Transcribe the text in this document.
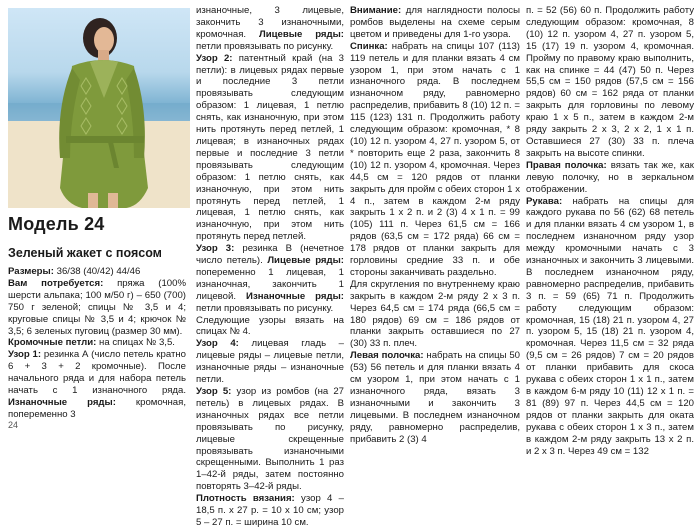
Модель 24
Зеленый жакет с поясом

Размеры: 36/38 (40/42) 44/46

Вам потребуется: пряжа (100% шерсти альпака; 100 м/50 г) – 650 (700) 750 г зеленой; спицы № 3,5 и 4; круговые спицы № 3,5 и 4; крючок № 3,5; 6 зеленых пуговиц (размер 30 мм).

Кромочные петли: на спицах № 3,5.

Узор 1: резинка А (число петель кратно 6 + 3 + 2 кромочные). После начального ряда и для набора петель начать с 1 изнаночного ряда. Изнаночные ряды: кромочная, попеременно 3

изнаночные, 3 лицевые, закончить 3 изнаночными, кромочная. Лицевые ряды: петли провязывать по рисунку.

Узор 2: патентный край (на 3 петли): в лицевых рядах первые и последние 3 петли провязывать следующим образом: 1 лицевая, 1 петлю снять, как изнаночную, при этом нить протянуть перед петлей, 1 лицевая; в изнаночных рядах первые и последние 3 петли провязывать следующим образом: 1 петлю снять, как изнаночную, при этом нить протянуть перед петлей, 1 лицевая, 1 петлю снять, как изнаночную, при этом нить протянуть перед петлей.

Узор 3: резинка В (нечетное число петель). Лицевые ряды: попеременно 1 лицевая, 1 изнаночная, закончить 1 лицевой. Изнаночные ряды: петли провязывать по рисунку.

Следующие узоры вязать на спицах № 4.

Узор 4: лицевая гладь – лицевые ряды – лицевые петли, изнаночные ряды – изнаночные петли.

Узор 5: узор из ромбов (на 27 петель) в лицевых рядах. В изнаночных рядах все петли провязывать по рисунку, лицевые скрещенные провязывать изнаночными скрещенными. Выполнить 1 раз 1–42-й ряды, затем постоянно повторять 3–42-й ряды.

Плотность вязания: узор 4 – 18,5 п. x 27 р. = 10 x 10 см; узор 5 – 27 п. = ширина 10 см.

Внимание: для наглядности полосы ромбов выделены на схеме серым цветом и приведены для 1-го узора.

Спинка: набрать на спицы 107 (113) 119 петель и для планки вязать 4 см узором 1, при этом начать с 1 изнаночного ряда. В последнем изнаночном ряду, равномерно распределив, прибавить 8 (10) 12 п. = 115 (123) 131 п. Продолжить работу следующим образом: кромочная, * 8 (10) 12 п. узором 4, 27 п. узором 5, от * повторить еще 2 раза, закончить 8 (10) 12 п. узором 4, кромочная. Через 44,5 см = 120 рядов от планки закрыть для пройм с обеих сторон 1 x 4 п., затем в каждом 2-м ряду закрыть 1 x 2 п. и 2 (3) 4 x 1 п. = 99 (105) 111 п. Через 61,5 см = 166 рядов (63,5 см = 172 ряда) 66 см = 178 рядов от планки закрыть для горловины средние 33 п. и обе стороны заканчивать раздельно.

Для скругления по внутреннему краю закрыть в каждом 2-м ряду 2 x 3 п. Через 64,5 см = 174 ряда (66,5 см = 180 рядов) 69 см = 186 рядов от планки закрыть оставшиеся по 27 (30) 33 п. плеч.

Левая полочка: набрать на спицы 50 (53) 56 петель и для планки вязать 4 см узором 1, при этом начать с 1 изнаночного ряда, вязать 3 изнаночными и закончить 3 лицевыми. В последнем изнаночном ряду, равномерно распределив, прибавить 2 (3) 4

п. = 52 (56) 60 п. Продолжить работу следующим образом: кромочная, 8 (10) 12 п. узором 4, 27 п. узором 5, 15 (17) 19 п. узором 4, кромочная. Пройму по правому краю выполнить, как на спинке = 44 (47) 50 п. Через 55,5 см = 150 рядов (57,5 см = 156 рядов) 60 см = 162 ряда от планки закрыть для горловины по левому краю 1 x 5 п., затем в каждом 2-м ряду закрыть 2 x 3, 2 x 2, 1 x 1 п. Оставшиеся 27 (30) 33 п. плеча закрыть на высоте спинки.

Правая полочка: вязать так же, как левую полочку, но в зеркальном отображении.

Рукава: набрать на спицы для каждого рукава по 56 (62) 68 петель и для планки вязать 4 см узором 1, в последнем изнаночном ряду узор между кромочными начать с 3 изнаночных и закончить 3 лицевыми. В последнем изнаночном ряду, равномерно распределив, прибавить 3 п. = 59 (65) 71 п. Продолжить работу следующим образом: кромочная, 15 (18) 21 п. узором 4, 27 п. узором 5, 15 (18) 21 п. узором 4, кромочная. Через 11,5 см = 32 ряда (9,5 см = 26 рядов) 7 см = 20 рядов от планки прибавить для скоса рукава с обеих сторон 1 x 1 п., затем в каждом 6-м ряду 10 (11) 12 x 1 п. = 81 (89) 97 п. Через 44,5 см = 120 рядов от планки закрыть для оката рукава с обеих сторон 1 x 3 п., затем в каждом 2-м ряду закрыть 13 x 2 п. и 2 x 3 п. Через 49 см = 132

24
